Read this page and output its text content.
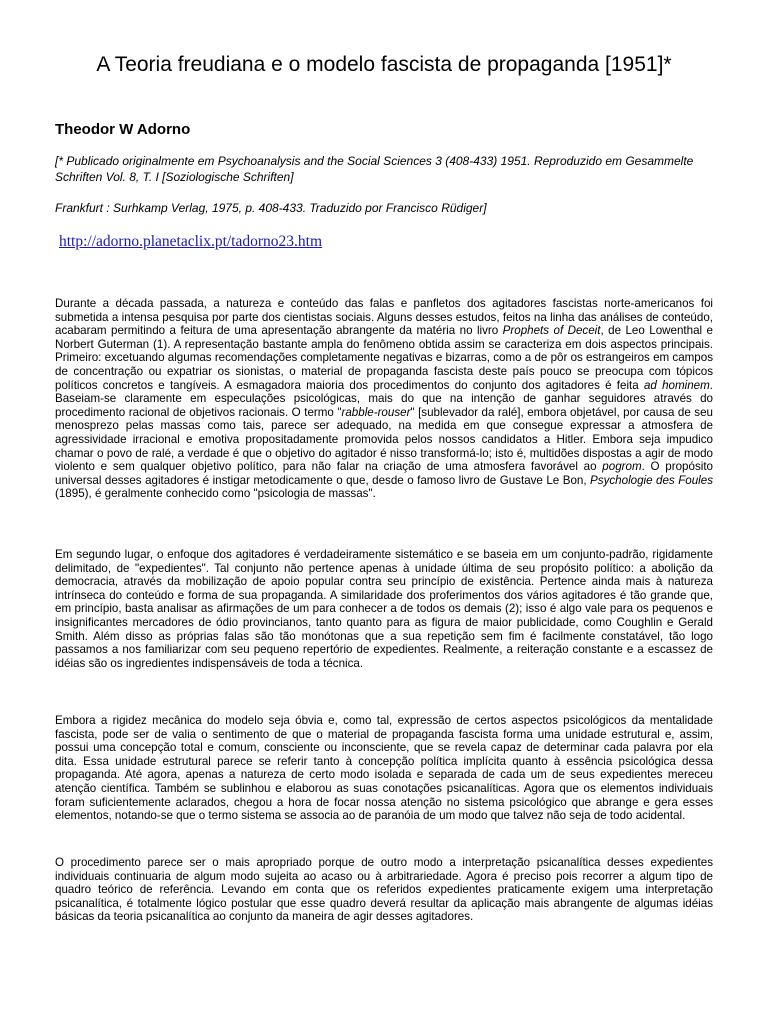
A Teoria freudiana e o modelo fascista de propaganda [1951]*

Theodor W Adorno

[* Publicado originalmente em Psychoanalysis and the Social Sciences 3 (408-433) 1951. Reproduzido em Gesammelte Schriften Vol. 8, T. I [Soziologische Schriften]

Frankfurt : Surhkamp Verlag, 1975, p. 408-433. Traduzido por Francisco Rüdiger]

http://adorno.planetaclix.pt/tadorno23.htm

Durante a década passada, a natureza e conteúdo das falas e panfletos dos agitadores fascistas norte-americanos foi submetida a intensa pesquisa por parte dos cientistas sociais. Alguns desses estudos, feitos na linha das análises de conteúdo, acabaram permitindo a feitura de uma apresentação abrangente da matéria no livro Prophets of Deceit, de Leo Lowenthal e Norbert Guterman (1). A representação bastante ampla do fenômeno obtida assim se caracteriza em dois aspectos principais. Primeiro: excetuando algumas recomendações completamente negativas e bizarras, como a de pôr os estrangeiros em campos de concentração ou expatriar os sionistas, o material de propaganda fascista deste país pouco se preocupa com tópicos políticos concretos e tangíveis. A esmagadora maioria dos procedimentos do conjunto dos agitadores é feita ad hominem. Baseiam-se claramente em especulações psicológicas, mais do que na intenção de ganhar seguidores através do procedimento racional de objetivos racionais. O termo "rabble-rouser" [sublevador da ralé], embora objetável, por causa de seu menosprezo pelas massas como tais, parece ser adequado, na medida em que consegue expressar a atmosfera de agressividade irracional e emotiva propositadamente promovida pelos nossos candidatos a Hitler. Embora seja impudico chamar o povo de ralé, a verdade é que o objetivo do agitador é nisso transformá-lo; isto é, multidões dispostas a agir de modo violento e sem qualquer objetivo político, para não falar na criação de uma atmosfera favorável ao pogrom. O propósito universal desses agitadores é instigar metodicamente o que, desde o famoso livro de Gustave Le Bon, Psychologie des Foules (1895), é geralmente conhecido como "psicologia de massas".

Em segundo lugar, o enfoque dos agitadores é verdadeiramente sistemático e se baseia em um conjunto-padrão, rigidamente delimitado, de "expedientes". Tal conjunto não pertence apenas à unidade última de seu propósito político: a abolição da democracia, através da mobilização de apoio popular contra seu princípio de existência. Pertence ainda mais à natureza intrínseca do conteúdo e forma de sua propaganda. A similaridade dos proferimentos dos vários agitadores é tão grande que, em princípio, basta analisar as afirmações de um para conhecer a de todos os demais (2); isso é algo vale para os pequenos e insignificantes mercadores de ódio provincianos, tanto quanto para as figura de maior publicidade, como Coughlin e Gerald Smith. Além disso as próprias falas são tão monótonas que a sua repetição sem fim é facilmente constatável, tão logo passamos a nos familiarizar com seu pequeno repertório de expedientes. Realmente, a reiteração constante e a escassez de idéias são os ingredientes indispensáveis de toda a técnica.

Embora a rigidez mecânica do modelo seja óbvia e, como tal, expressão de certos aspectos psicológicos da mentalidade fascista, pode ser de valia o sentimento de que o material de propaganda fascista forma uma unidade estrutural e, assim, possui uma concepção total e comum, consciente ou inconsciente, que se revela capaz de determinar cada palavra por ela dita. Essa unidade estrutural parece se referir tanto à concepção política implícita quanto à essência psicológica dessa propaganda. Até agora, apenas a natureza de certo modo isolada e separada de cada um de seus expedientes mereceu atenção científica. Também se sublinhou e elaborou as suas conotações psicanalíticas. Agora que os elementos individuais foram suficientemente aclarados, chegou a hora de focar nossa atenção no sistema psicológico que abrange e gera esses elementos, notando-se que o termo sistema se associa ao de paranóia de um modo que talvez não seja de todo acidental.

O procedimento parece ser o mais apropriado porque de outro modo a interpretação psicanalítica desses expedientes individuais continuaria de algum modo sujeita ao acaso ou à arbitrariedade. Agora é preciso pois recorrer a algum tipo de quadro teórico de referência. Levando em conta que os referidos expedientes praticamente exigem uma interpretação psicanalítica, é totalmente lógico postular que esse quadro deverá resultar da aplicação mais abrangente de algumas idéias básicas da teoria psicanalítica ao conjunto da maneira de agir desses agitadores.
